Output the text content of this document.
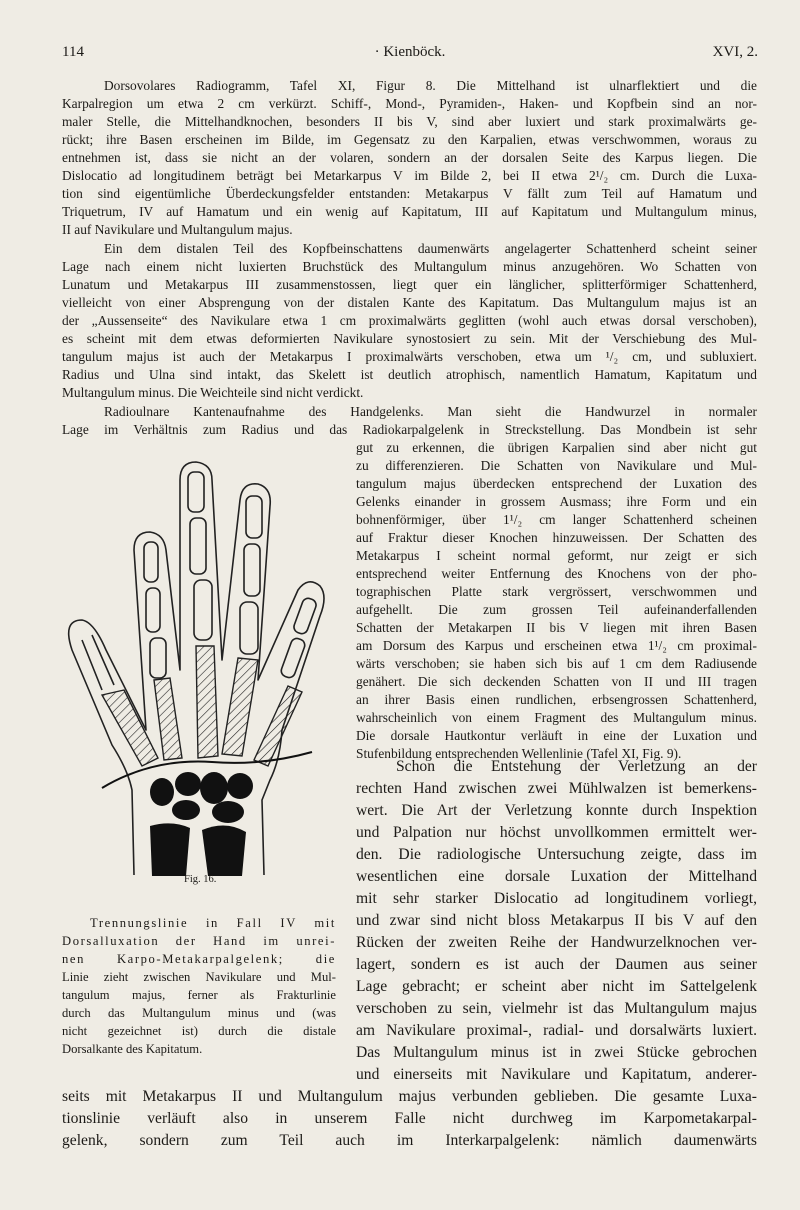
114	· Kienböck.	XVI, 2.
Dorsovolares Radiogramm, Tafel XI, Figur 8. Die Mittelhand ist ulnarflektiert und die
Karpalregion um etwa 2 cm verkürzt. Schiff-, Mond-, Pyramiden-, Haken- und Kopfbein sind an nor-
maler Stelle, die Mittelhandknochen, besonders II bis V, sind aber luxiert und stark proximalwärts ge-
rückt; ihre Basen erscheinen im Bilde, im Gegensatz zu den Karpalien, etwas verschwommen, woraus zu
entnehmen ist, dass sie nicht an der volaren, sondern an der dorsalen Seite des Karpus liegen. Die
Dislocatio ad longitudinem beträgt bei Metarkarpus V im Bilde 2, bei II etwa 2¹/₂ cm. Durch die Luxa-
tion sind eigentümliche Überdeckungsfelder entstanden: Metakarpus V fällt zum Teil auf Hamatum und
Triquetrum, IV auf Hamatum und ein wenig auf Kapitatum, III auf Kapitatum und Multangulum minus,
II auf Navikulare und Multangulum majus.
Ein dem distalen Teil des Kopfbeinschattens daumenwärts angelagerter Schattenherd scheint seiner
Lage nach einem nicht luxierten Bruchstück des Multangulum minus anzugehören. Wo Schatten von
Lunatum und Metakarpus III zusammenstossen, liegt quer ein länglicher, splitterförmiger Schattenherd,
vielleicht von einer Absprengung von der distalen Kante des Kapitatum. Das Multangulum majus ist an
der „Aussenseite“ des Navikulare etwa 1 cm proximalwärts geglitten (wohl auch etwas dorsal verschoben),
es scheint mit dem etwas deformierten Navikulare synostosiert zu sein. Mit der Verschiebung des Mul-
tangulum majus ist auch der Metakarpus I proximalwärts verschoben, etwa um ¹/₂ cm, und subluxiert.
Radius und Ulna sind intakt, das Skelett ist deutlich atrophisch, namentlich Hamatum, Kapitatum und
Multangulum minus. Die Weichteile sind nicht verdickt.
Radioulnare Kantenaufnahme des Handgelenks. Man sieht die Handwurzel in normaler
Lage im Verhältnis zum Radius und das Radiokarpalgelenk in Streckstellung. Das Mondbein ist sehr
gut zu erkennen, die übrigen Karpalien sind aber nicht gut
zu differenzieren. Die Schatten von Navikulare und Mul-
tangulum majus überdecken entsprechend der Luxation des
Gelenks einander in grossem Ausmass; ihre Form und ein
bohnenförmiger, über 1¹/₂ cm langer Schattenherd scheinen
auf Fraktur dieser Knochen hinzuweissen. Der Schatten des
Metakarpus I scheint normal geformt, nur zeigt er sich
entsprechend weiter Entfernung des Knochens von der pho-
tographischen Platte stark vergrössert, verschwommen und
aufgehellt. Die zum grossen Teil aufeinanderfallenden
Schatten der Metakarpen II bis V liegen mit ihren Basen
am Dorsum des Karpus und erscheinen etwa 1¹/₂ cm proximal-
wärts verschoben; sie haben sich bis auf 1 cm dem Radiusende
genähert. Die sich deckenden Schatten von II und III tragen
an ihrer Basis einen rundlichen, erbsengrossen Schattenherd,
wahrscheinlich von einem Fragment des Multangulum minus.
Die dorsale Hautkontur verläuft in eine der Luxation und
Stufenbildung entsprechenden Wellenlinie (Tafel XI, Fig. 9).
Schon die Entstehung der Verletzung an der
rechten Hand zwischen zwei Mühlwalzen ist bemerkens-
wert. Die Art der Verletzung konnte durch Inspektion
und Palpation nur höchst unvollkommen ermittelt wer-
den. Die radiologische Untersuchung zeigte, dass im
wesentlichen eine dorsale Luxation der Mittelhand
mit sehr starker Dislocatio ad longitudinem vorliegt,
und zwar sind nicht bloss Metakarpus II bis V auf den
Rücken der zweiten Reihe der Handwurzelknochen ver-
lagert, sondern es ist auch der Daumen aus seiner
Lage gebracht; er scheint aber nicht im Sattelgelenk
verschoben zu sein, vielmehr ist das Multangulum majus
am Navikulare proximal-, radial- und dorsalwärts luxiert.
Das Multangulum minus ist in zwei Stücke gebrochen
und einerseits mit Navikulare und Kapitatum, anderer-
seits mit Metakarpus II und Multangulum majus verbunden geblieben. Die gesamte Luxa-
tionslinie verläuft also in unserem Falle nicht durchweg im Karpometakarpal-
gelenk, sondern zum Teil auch im Interkarpalgelenk: nämlich daumenwärts
Fig. 16.
Trennungslinie in Fall IV mit
Dorsalluxation der Hand im unrei-
nen Karpo-Metakarpalgelenk; die
Linie zieht zwischen Navikulare und Mul-
tangulum majus, ferner als Frakturlinie
durch das Multangulum minus und (was
nicht gezeichnet ist) durch die distale
Dorsalkante des Kapitatum.
